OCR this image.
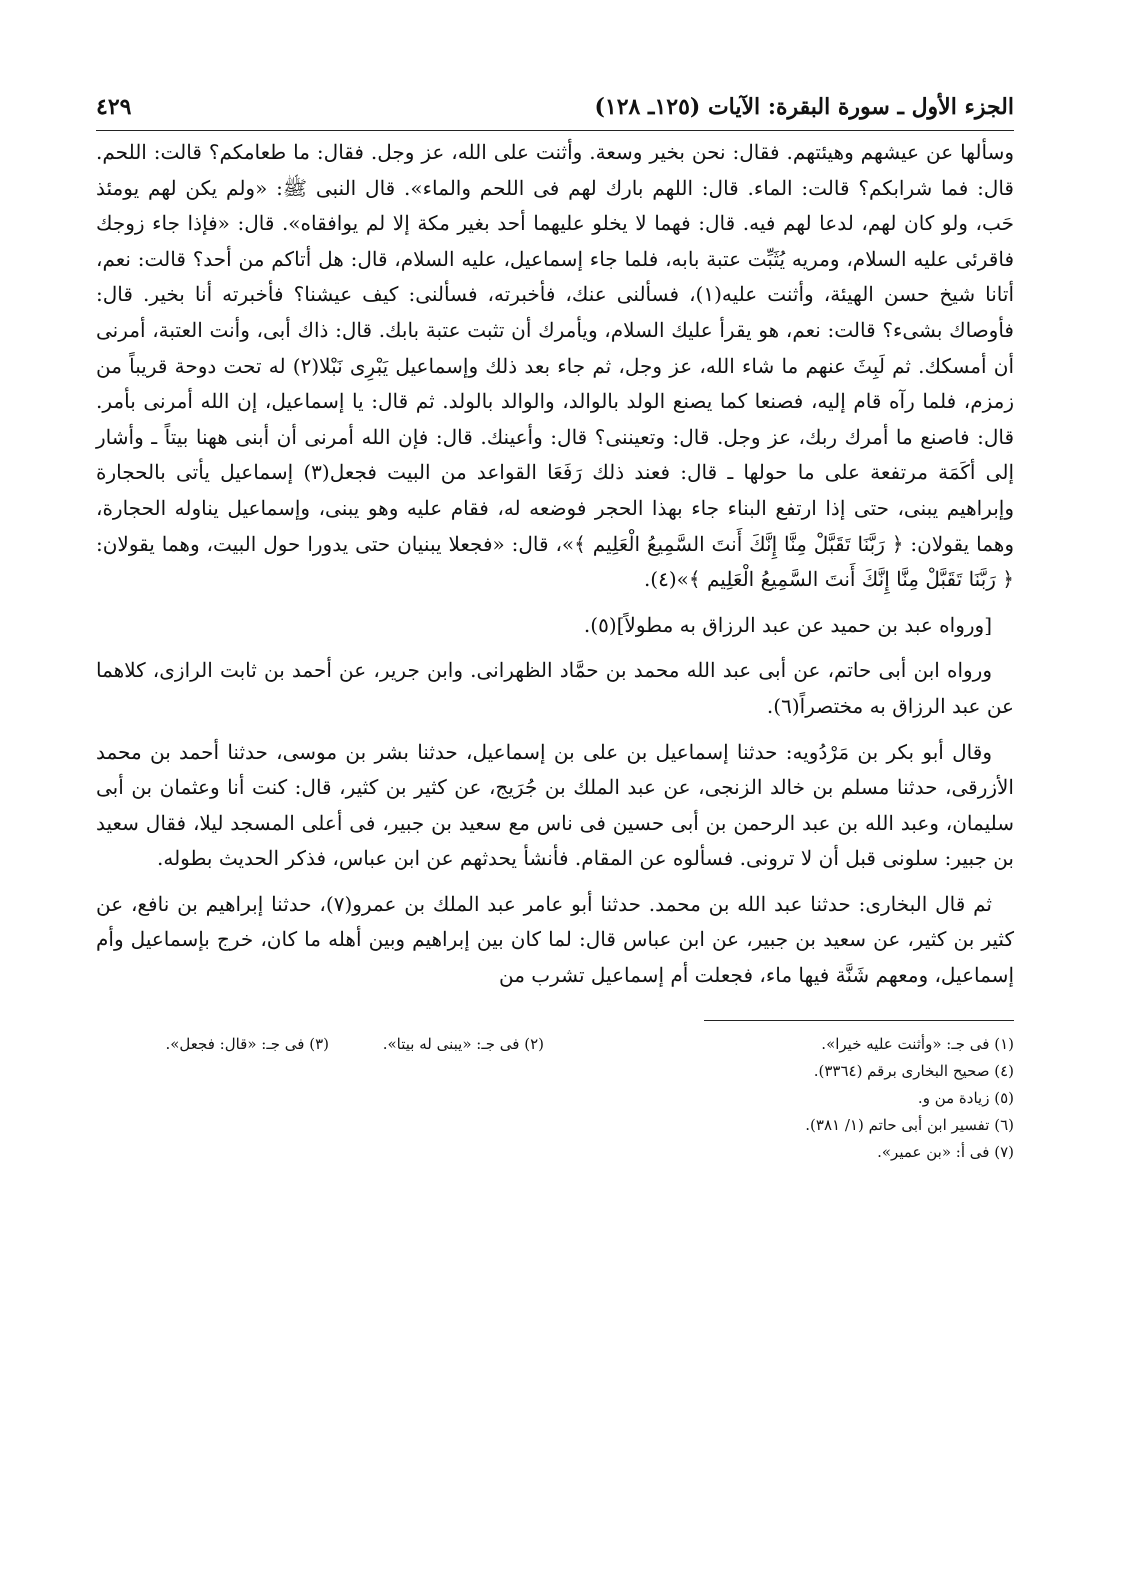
الجزء الأول ـ سورة البقرة: الآيات (١٢٥ـ ١٢٨)
٤٢٩

وسألها عن عيشهم وهيئتهم. فقال: نحن بخير وسعة. وأثنت على الله، عز وجل. فقال: ما طعامكم؟ قالت: اللحم. قال: فما شرابكم؟ قالت: الماء. قال: اللهم بارك لهم فى اللحم والماء». قال النبى ﷺ: «ولم يكن لهم يومئذ حَب، ولو كان لهم، لدعا لهم فيه. قال: فهما لا يخلو عليهما أحد بغير مكة إلا لم يوافقاه». قال: «فإذا جاء زوجك فاقرئى عليه السلام، ومريه يُثَبِّت عتبة بابه، فلما جاء إسماعيل، عليه السلام، قال: هل أتاكم من أحد؟ قالت: نعم، أتانا شيخ حسن الهيئة، وأثنت عليه(١)، فسألنى عنك، فأخبرته، فسألنى: كيف عيشنا؟ فأخبرته أنا بخير. قال: فأوصاك بشىء؟ قالت: نعم، هو يقرأ عليك السلام، ويأمرك أن تثبت عتبة بابك. قال: ذاك أبى، وأنت العتبة، أمرنى أن أمسكك. ثم لَبِثَ عنهم ما شاء الله، عز وجل، ثم جاء بعد ذلك وإسماعيل يَبْرِى نَبْلا(٢) له تحت دوحة قريباً من زمزم، فلما رآه قام إليه، فصنعا كما يصنع الولد بالوالد، والوالد بالولد. ثم قال: يا إسماعيل، إن الله أمرنى بأمر. قال: فاصنع ما أمرك ربك، عز وجل. قال: وتعيننى؟ قال: وأعينك. قال: فإن الله أمرنى أن أبنى ههنا بيتاً ـ وأشار إلى أكَمَة مرتفعة على ما حولها ـ قال: فعند ذلك رَفَعَا القواعد من البيت فجعل(٣) إسماعيل يأتى بالحجارة وإبراهيم يبنى، حتى إذا ارتفع البناء جاء بهذا الحجر فوضعه له، فقام عليه وهو يبنى، وإسماعيل يناوله الحجارة، وهما يقولان: ﴿ رَبَّنَا تَقَبَّلْ مِنَّا إِنَّكَ أَنتَ السَّمِيعُ الْعَلِيم ﴾»، قال: «فجعلا يبنيان حتى يدورا حول البيت، وهما يقولان: ﴿ رَبَّنَا تَقَبَّلْ مِنَّا إِنَّكَ أَنتَ السَّمِيعُ الْعَلِيم ﴾»(٤).

[ورواه عبد بن حميد عن عبد الرزاق به مطولاً](٥).

ورواه ابن أبى حاتم، عن أبى عبد الله محمد بن حمَّاد الظهرانى. وابن جرير، عن أحمد بن ثابت الرازى، كلاهما عن عبد الرزاق به مختصراً(٦).

وقال أبو بكر بن مَرْدُويه: حدثنا إسماعيل بن على بن إسماعيل، حدثنا بشر بن موسى، حدثنا أحمد بن محمد الأزرقى، حدثنا مسلم بن خالد الزنجى، عن عبد الملك بن جُرَيج، عن كثير بن كثير، قال: كنت أنا وعثمان بن أبى سليمان، وعبد الله بن عبد الرحمن بن أبى حسين فى ناس مع سعيد بن جبير، فى أعلى المسجد ليلا، فقال سعيد بن جبير: سلونى قبل أن لا ترونى. فسألوه عن المقام. فأنشأ يحدثهم عن ابن عباس، فذكر الحديث بطوله.

ثم قال البخارى: حدثنا عبد الله بن محمد. حدثنا أبو عامر عبد الملك بن عمرو(٧)، حدثنا إبراهيم بن نافع، عن كثير بن كثير، عن سعيد بن جبير، عن ابن عباس قال: لما كان بين إبراهيم وبين أهله ما كان، خرج بإسماعيل وأم إسماعيل، ومعهم شَنَّة فيها ماء، فجعلت أم إسماعيل تشرب من

(١) فى جـ: «وأثنت عليه خيرا».
(٢) فى جـ: «يبنى له بيتا».
(٣) فى جـ: «قال: فجعل».
(٤) صحيح البخارى برقم (٣٣٦٤).
(٥) زيادة من و.
(٦) تفسير ابن أبى حاتم (١/ ٣٨١).
(٧) فى أ: «بن عمير».
